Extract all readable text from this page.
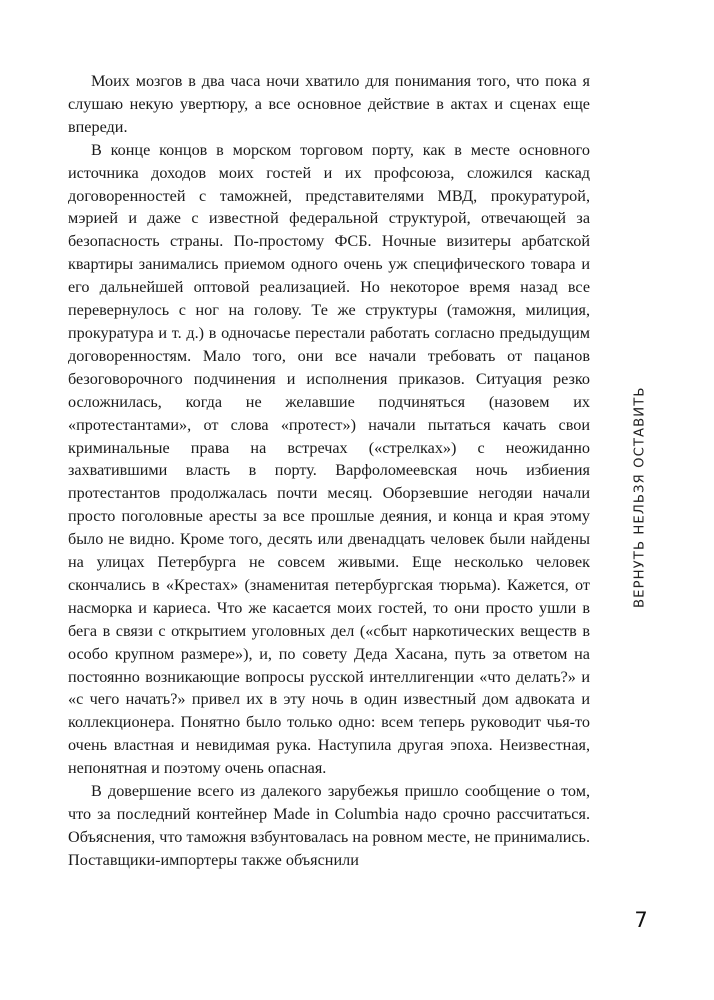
Моих мозгов в два часа ночи хватило для понимания того, что пока я слушаю некую увертюру, а все основное действие в актах и сценах еще впереди.

В конце концов в морском торговом порту, как в месте основного источника доходов моих гостей и их профсоюза, сложился каскад договоренностей с таможней, представителями МВД, прокуратурой, мэрией и даже с известной федеральной структурой, отвечающей за безопасность страны. По-простому ФСБ. Ночные визитеры арбатской квартиры занимались приемом одного очень уж специфического товара и его дальнейшей оптовой реализацией. Но некоторое время назад все перевернулось с ног на голову. Те же структуры (таможня, милиция, прокуратура и т. д.) в одночасье перестали работать согласно предыдущим договоренностям. Мало того, они все начали требовать от пацанов безоговорочного подчинения и исполнения приказов. Ситуация резко осложнилась, когда не желавшие подчиняться (назовем их «протестантами», от слова «протест») начали пытаться качать свои криминальные права на встречах («стрелках») с неожиданно захватившими власть в порту. Варфоломеевская ночь избиения протестантов продолжалась почти месяц. Оборзевшие негодяи начали просто поголовные аресты за все прошлые деяния, и конца и края этому было не видно. Кроме того, десять или двенадцать человек были найдены на улицах Петербурга не совсем живыми. Еще несколько человек скончались в «Крестах» (знаменитая петербургская тюрьма). Кажется, от насморка и кариеса. Что же касается моих гостей, то они просто ушли в бега в связи с открытием уголовных дел («сбыт наркотических веществ в особо крупном размере»), и, по совету Деда Хасана, путь за ответом на постоянно возникающие вопросы русской интеллигенции «что делать?» и «с чего начать?» привел их в эту ночь в один известный дом адвоката и коллекционера. Понятно было только одно: всем теперь руководит чья-то очень властная и невидимая рука. Наступила другая эпоха. Неизвестная, непонятная и поэтому очень опасная.

В довершение всего из далекого зарубежья пришло сообщение о том, что за последний контейнер Made in Columbia надо срочно рассчитаться. Объяснения, что таможня взбунтовалась на ровном месте, не принимались. Поставщики-импортеры также объяснили

ВЕРНУТЬ НЕЛЬЗЯ ОСТАВИТЬ
7
